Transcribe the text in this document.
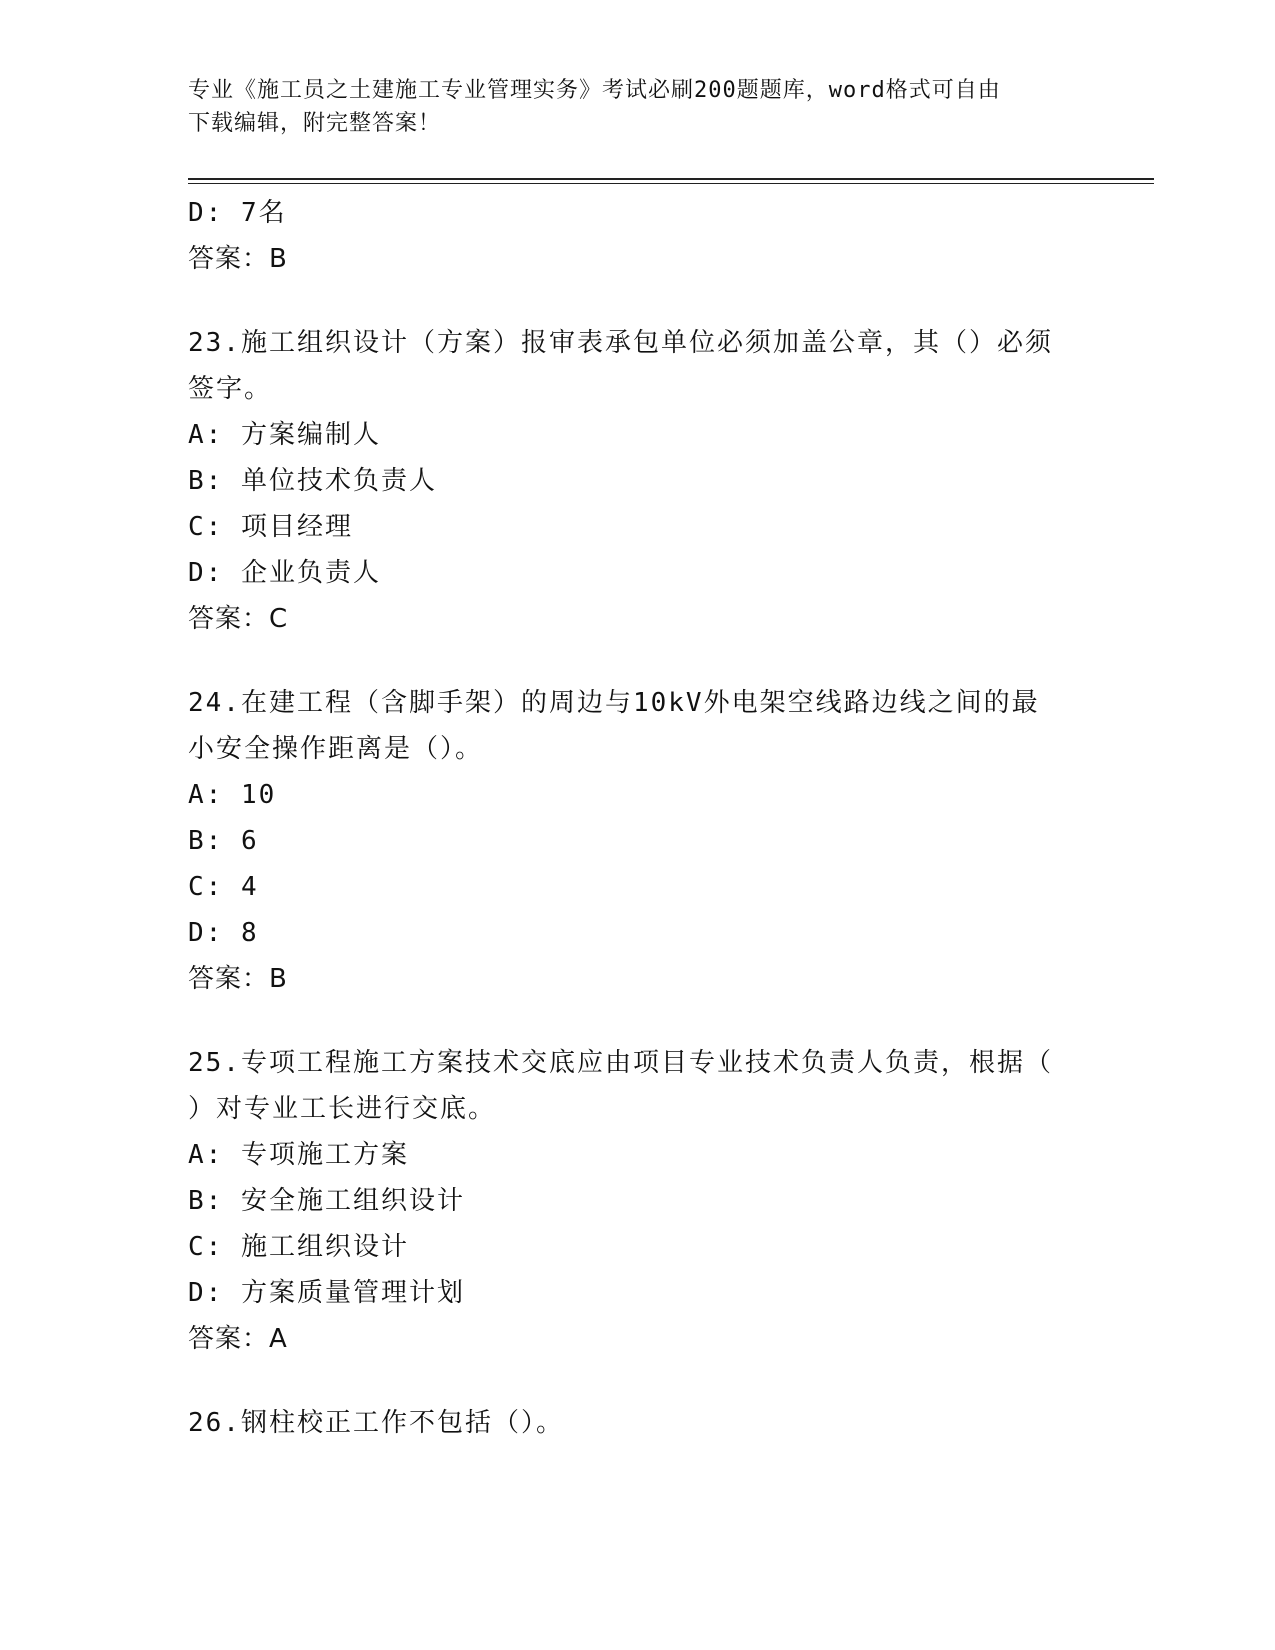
专业《施工员之土建施工专业管理实务》考试必刷200题题库，word格式可自由
下载编辑，附完整答案！
D: 7名
答案：B
23.施工组织设计（方案）报审表承包单位必须加盖公章，其（）必须
签字。
A: 方案编制人
B: 单位技术负责人
C: 项目经理
D: 企业负责人
答案：C
24.在建工程（含脚手架）的周边与10kV外电架空线路边线之间的最
小安全操作距离是（）。
A: 10
B: 6
C: 4
D: 8
答案：B
25.专项工程施工方案技术交底应由项目专业技术负责人负责，根据（
）对专业工长进行交底。
A: 专项施工方案
B: 安全施工组织设计
C: 施工组织设计
D: 方案质量管理计划
答案：A
26.钢柱校正工作不包括（）。
